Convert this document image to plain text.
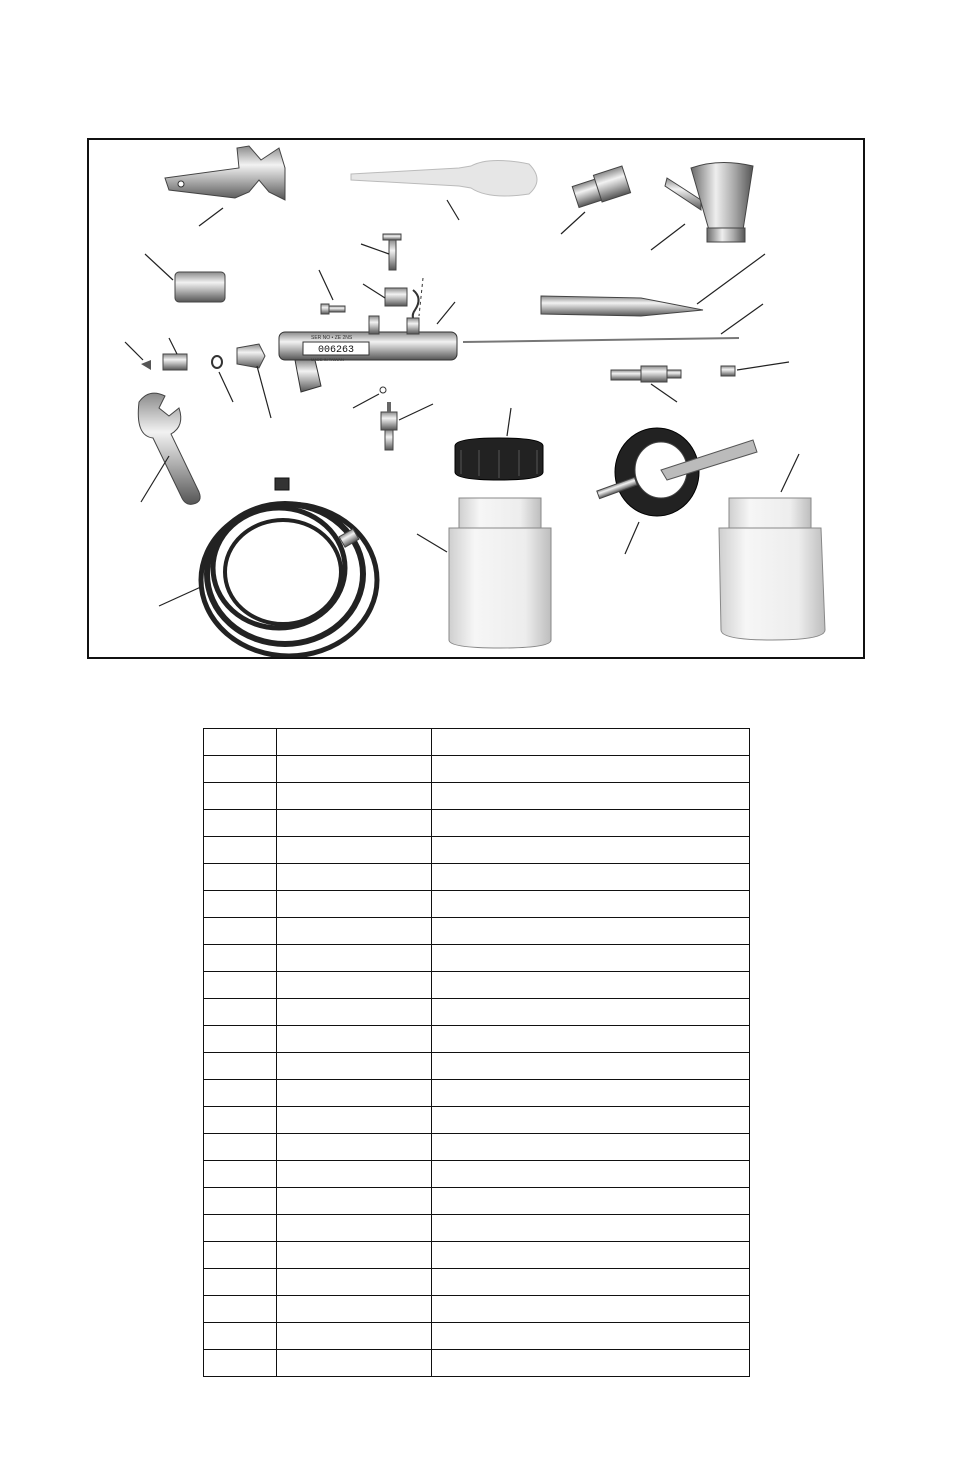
006263
SER NO • ZE 2NS
MADE IN TAIWAN
